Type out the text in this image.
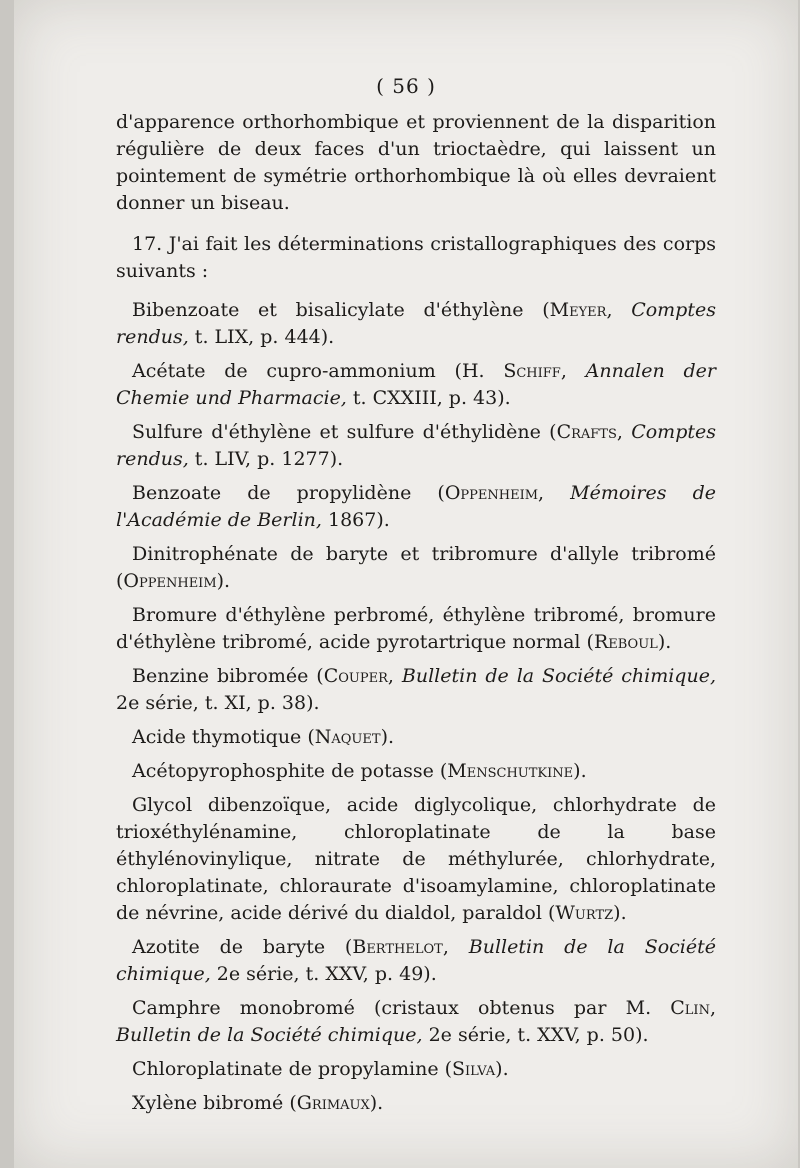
( 56 )

d'apparence orthorhombique et proviennent de la disparition régulière de deux faces d'un trioctaèdre, qui laissent un pointement de symétrie orthorhombique là où elles devraient donner un biseau.

17. J'ai fait les déterminations cristallographiques des corps suivants :

Bibenzoate et bisalicylate d'éthylène (Meyer, Comptes rendus, t. LIX, p. 444).

Acétate de cupro-ammonium (H. Schiff, Annalen der Chemie und Pharmacie, t. CXXIII, p. 43).

Sulfure d'éthylène et sulfure d'éthylidène (Crafts, Comptes rendus, t. LIV, p. 1277).

Benzoate de propylidène (Oppenheim, Mémoires de l'Académie de Berlin, 1867).

Dinitrophénate de baryte et tribromure d'allyle tribromé (Oppenheim).

Bromure d'éthylène perbromé, éthylène tribromé, bromure d'éthylène tribromé, acide pyrotartrique normal (Reboul).

Benzine bibromée (Couper, Bulletin de la Société chimique, 2e série, t. XI, p. 38).

Acide thymotique (Naquet).

Acétopyrophosphite de potasse (Menschutkine).

Glycol dibenzoïque, acide diglycolique, chlorhydrate de trioxéthylénamine, chloroplatinate de la base éthylénovinylique, nitrate de méthylurée, chlorhydrate, chloroplatinate, chloraurate d'isoamylamine, chloroplatinate de névrine, acide dérivé du dialdol, paraldol (Wurtz).

Azotite de baryte (Berthelot, Bulletin de la Société chimique, 2e série, t. XXV, p. 49).

Camphre monobromé (cristaux obtenus par M. Clin, Bulletin de la Société chimique, 2e série, t. XXV, p. 50).

Chloroplatinate de propylamine (Silva).

Xylène bibromé (Grimaux).
